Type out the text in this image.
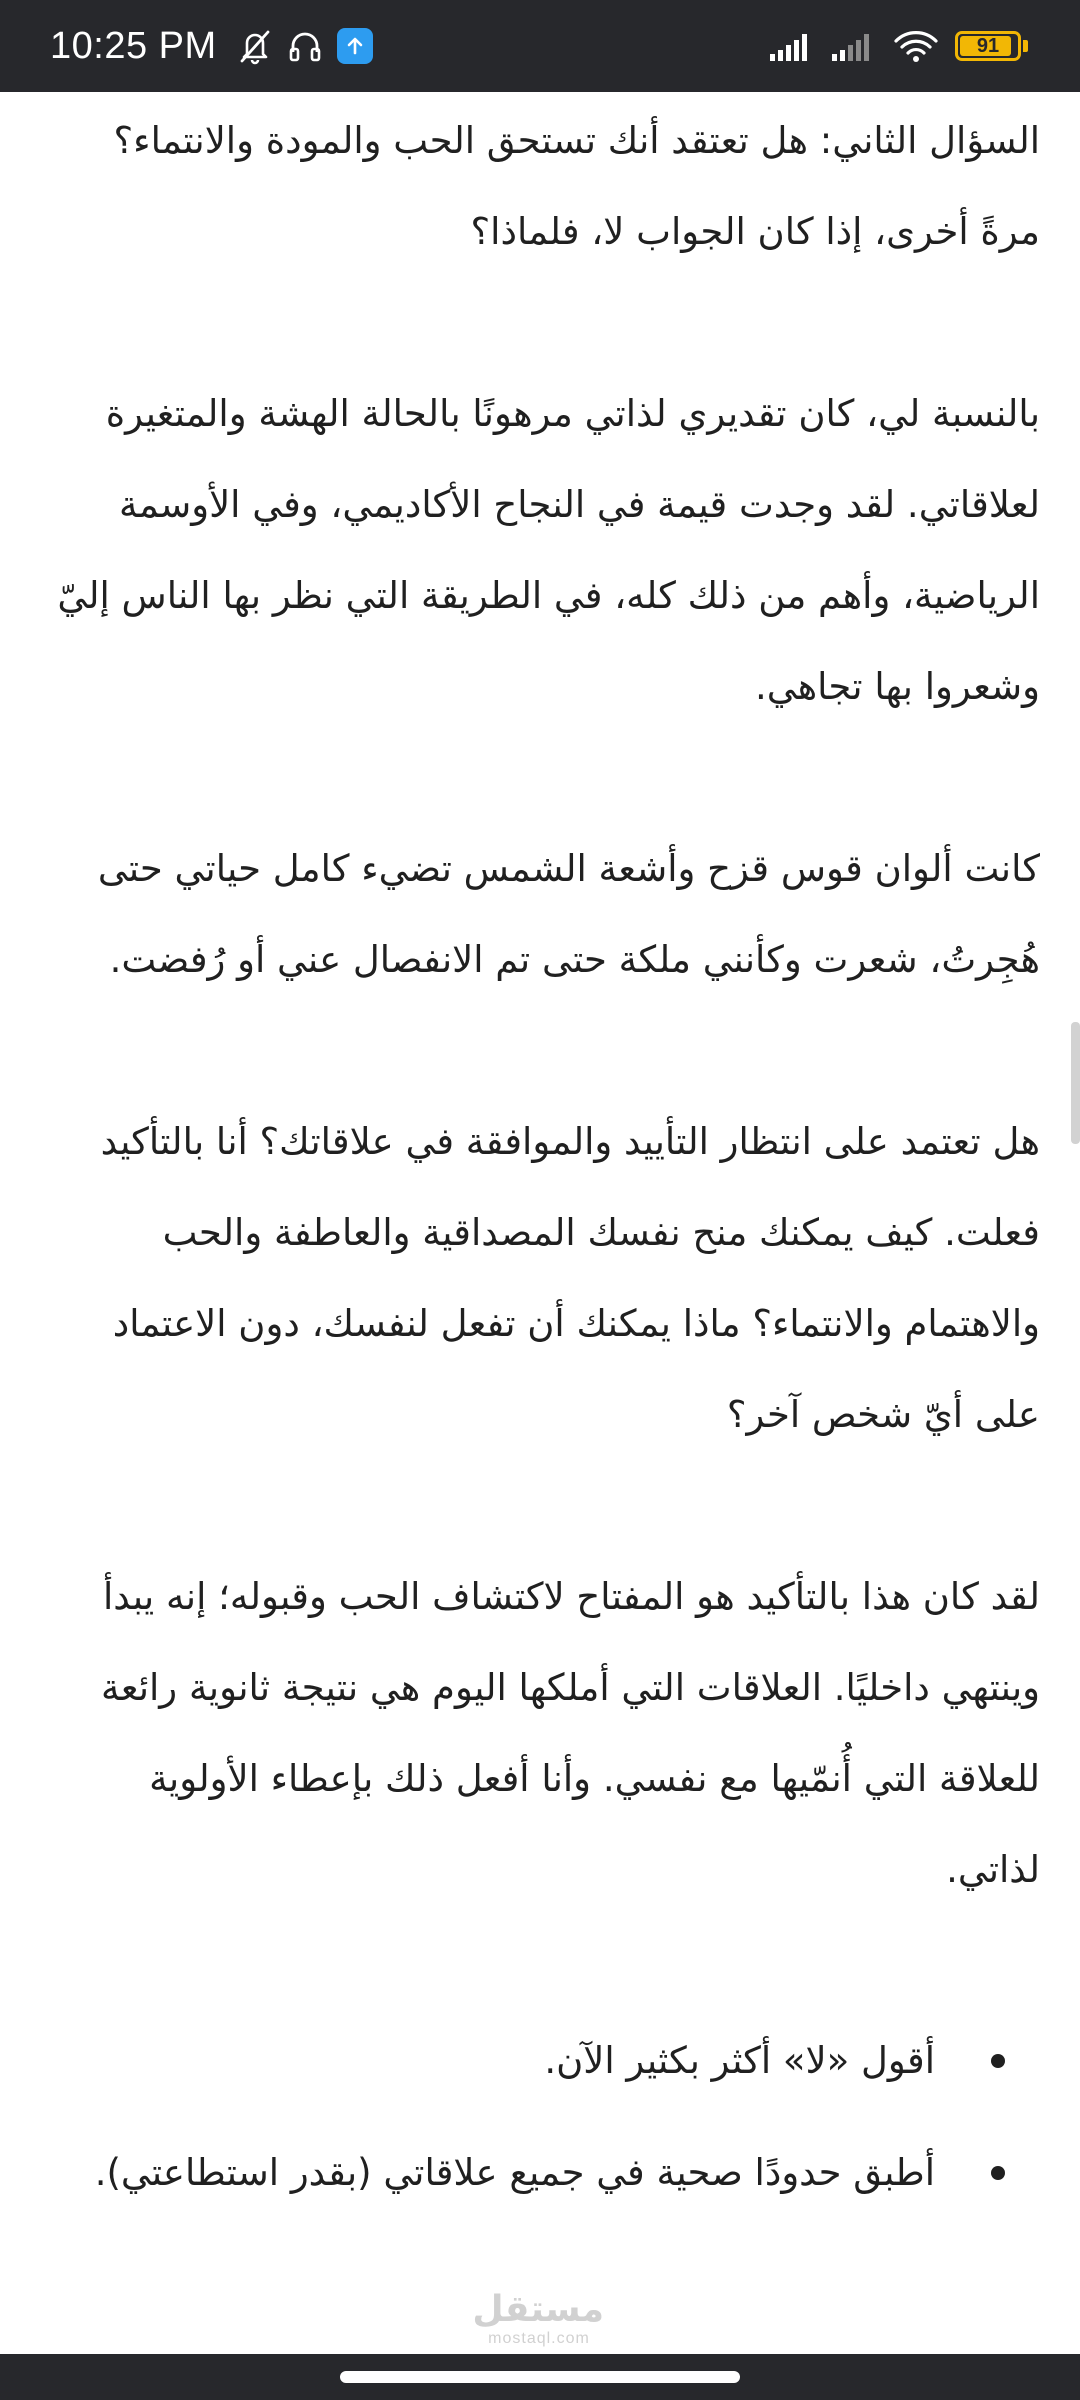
10:25 PM	91

السؤال الثاني: هل تعتقد أنك تستحق الحب والمودة والانتماء؟ مرةً أخرى، إذا كان الجواب لا، فلماذا؟

بالنسبة لي، كان تقديري لذاتي مرهونًا بالحالة الهشة والمتغيرة لعلاقاتي. لقد وجدت قيمة في النجاح الأكاديمي، وفي الأوسمة الرياضية، وأهم من ذلك كله، في الطريقة التي نظر بها الناس إليّ وشعروا بها تجاهي.

كانت ألوان قوس قزح وأشعة الشمس تضيء كامل حياتي حتى هُجِرتُ، شعرت وكأنني ملكة حتى تم الانفصال عني أو رُفضت.

هل تعتمد على انتظار التأييد والموافقة في علاقاتك؟ أنا بالتأكيد فعلت. كيف يمكنك منح نفسك المصداقية والعاطفة والحب والاهتمام والانتماء؟ ماذا يمكنك أن تفعل لنفسك، دون الاعتماد على أيّ شخص آخر؟

لقد كان هذا بالتأكيد هو المفتاح لاكتشاف الحب وقبوله؛ إنه يبدأ وينتهي داخليًا. العلاقات التي أملكها اليوم هي نتيجة ثانوية رائعة للعلاقة التي أُنمّيها مع نفسي. وأنا أفعل ذلك بإعطاء الأولوية لذاتي.

أقول «لا» أكثر بكثير الآن.
أطبق حدودًا صحية في جميع علاقاتي (بقدر استطاعتي).
مستقل
mostaql.com
